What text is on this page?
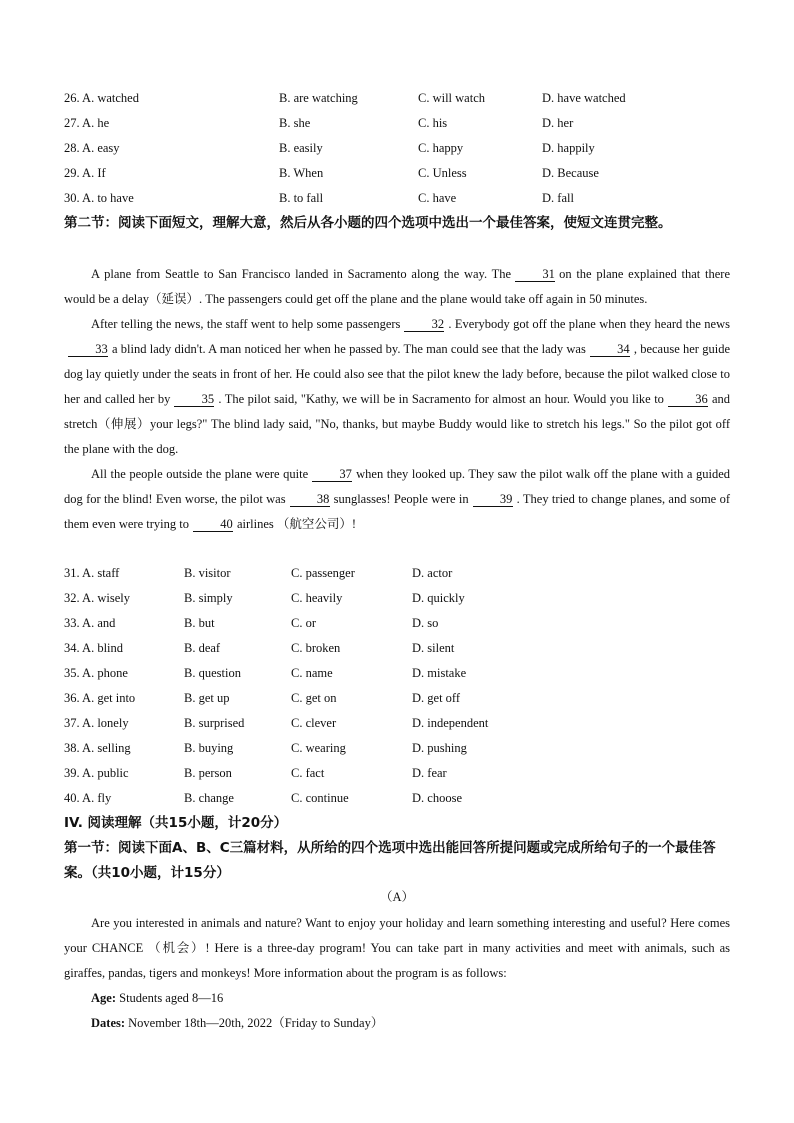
26. A. watched	B. are watching	C. will watch	D. have watched
27. A. he	B. she	C. his	D. her
28. A. easy	B. easily	C. happy	D. happily
29. A. If	B. When	C. Unless	D. Because
30. A. to have	B. to fall	C. have	D. fall
第二节：阅读下面短文，理解大意，然后从各小题的四个选项中选出一个最佳答案，使短文连贯完整。

A plane from Seattle to San Francisco landed in Sacramento along the way. The	31 on the plane explained that there would be a delay（延误）. The passengers could get off the plane and the plane would take off again in 50 minutes.

After telling the news, the staff went to help some passengers	32 . Everybody got off the plane when they heard the news33 a blind lady didn't. A man noticed her when he passed by. The man could see that the lady was	34 , because her guide dog lay quietly under the seats in front of her. He could also see that the pilot knew the lady before, because the pilot walked close to her and called her by	35 . The pilot said, "Kathy, we will be in Sacramento for almost an hour. Would you like to	36 and stretch（伸展）your legs?" The blind lady said, "No, thanks, but maybe Buddy would like to stretch his legs." So the pilot got off the plane with the dog.

All the people outside the plane were quite	37 when they looked up. They saw the pilot walk off the plane with a guided dog for the blind! Even worse, the pilot was	38 sunglasses! People were in	39 . They tried to change planes, and some of them even were trying to	40 airlines （航空公司）!

31. A. staff	B. visitor	C. passenger	D. actor
32. A. wisely	B. simply	C. heavily	D. quickly
33. A. and	B. but	C. or	D. so
34. A. blind	B. deaf	C. broken	D. silent
35. A. phone	B. question	C. name	D. mistake
36. A. get into	B. get up	C. get on	D. get off
37. A. lonely	B. surprised	C. clever	D. independent
38. A. selling	B. buying	C. wearing	D. pushing
39. A. public	B. person	C. fact	D. fear
40. A. fly	B. change	C. continue	D. choose
IV. 阅读理解（共15小题，计20分）
第一节：阅读下面A、B、C三篇材料，从所给的四个选项中选出能回答所提问题或完成所给句子的一个最佳答案。（共10小题，计15分）
（A）

Are you interested in animals and nature? Want to enjoy your holiday and learn something interesting and useful? Here comes your CHANCE （机会）! Here is a three-day program! You can take part in many activities and meet with animals, such as giraffes, pandas, tigers and monkeys! More information about the program is as follows:

Age: Students aged 8—16
Dates: November 18th—20th, 2022（Friday to Sunday）
